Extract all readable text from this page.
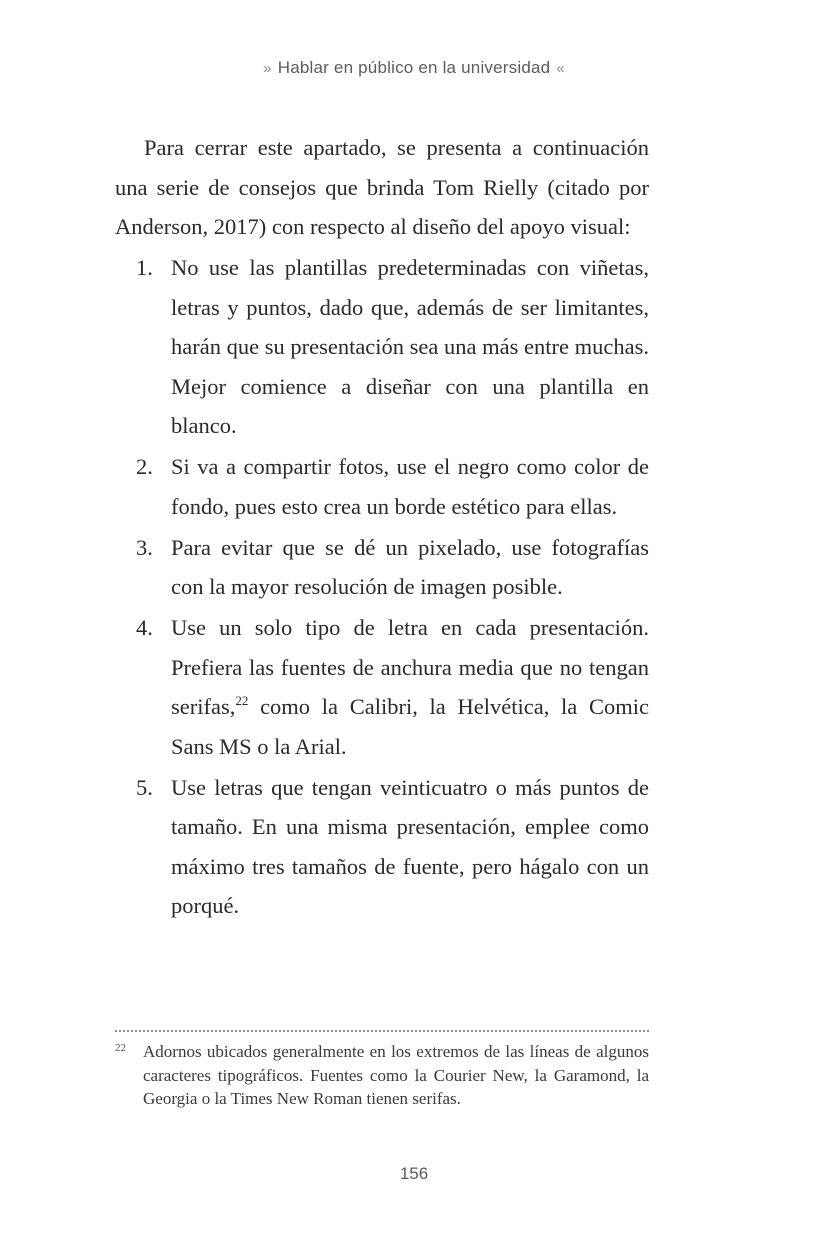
» Hablar en público en la universidad «

Para cerrar este apartado, se presenta a continuación una serie de consejos que brinda Tom Rielly (citado por Anderson, 2017) con respecto al diseño del apoyo visual:

1. No use las plantillas predeterminadas con viñetas, letras y puntos, dado que, además de ser limitantes, harán que su presentación sea una más entre muchas. Mejor comience a diseñar con una plantilla en blanco.
2. Si va a compartir fotos, use el negro como color de fondo, pues esto crea un borde estético para ellas.
3. Para evitar que se dé un pixelado, use fotografías con la mayor resolución de imagen posible.
4. Use un solo tipo de letra en cada presentación. Prefiera las fuentes de anchura media que no tengan serifas,$^{22}$ como la Calibri, la Helvética, la Comic Sans MS o la Arial.
5. Use letras que tengan veinticuatro o más puntos de tamaño. En una misma presentación, emplee como máximo tres tamaños de fuente, pero hágalo con un porqué.
22 Adornos ubicados generalmente en los extremos de las líneas de algunos caracteres tipográficos. Fuentes como la Courier New, la Garamond, la Georgia o la Times New Roman tienen serifas.
156
